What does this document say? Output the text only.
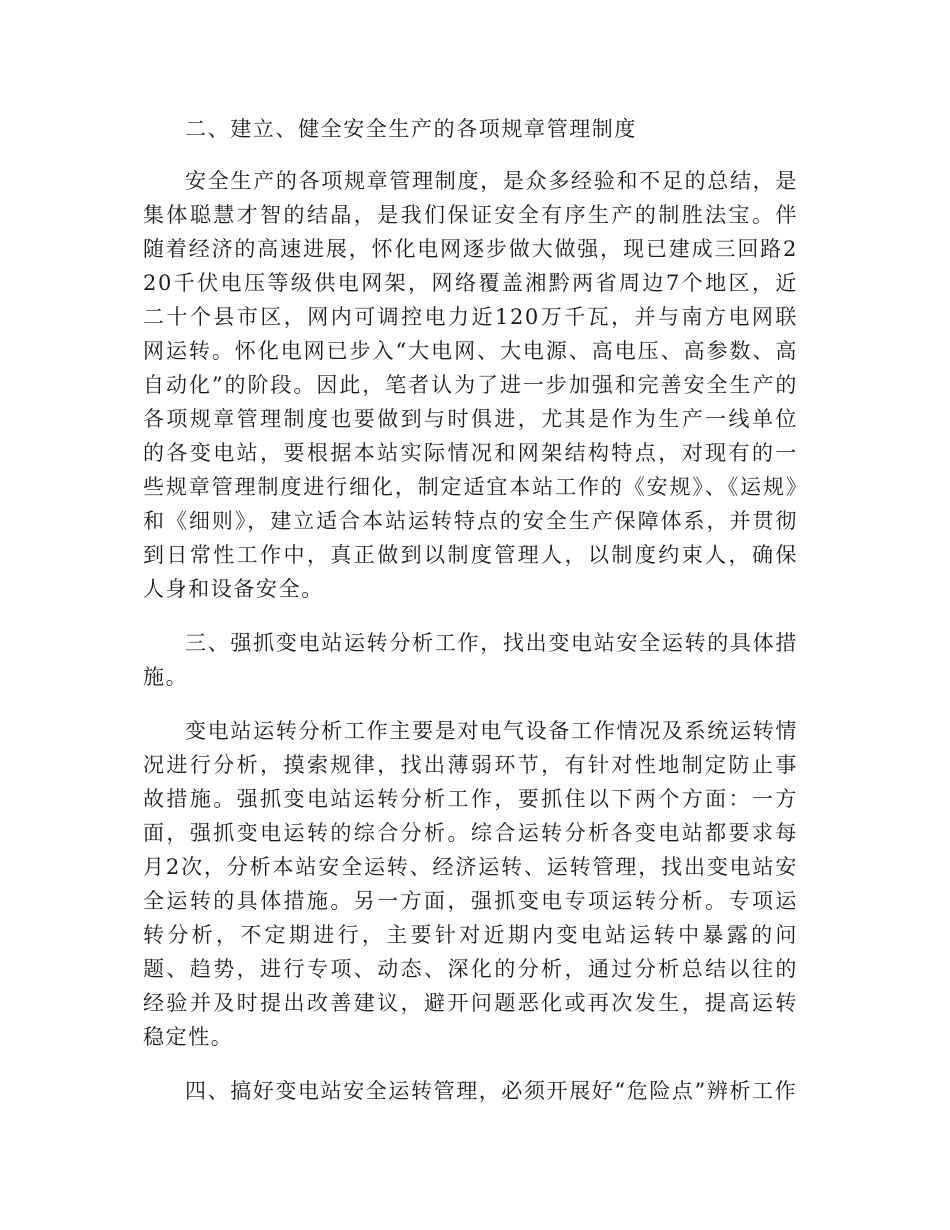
二、建立、健全安全生产的各项规章管理制度

安全生产的各项规章管理制度，是众多经验和不足的总结，是集体聪慧才智的结晶，是我们保证安全有序生产的制胜法宝。伴随着经济的高速进展，怀化电网逐步做大做强，现已建成三回路220千伏电压等级供电网架，网络覆盖湘黔两省周边7个地区，近二十个县市区，网内可调控电力近120万千瓦，并与南方电网联网运转。怀化电网已步入“大电网、大电源、高电压、高参数、高自动化”的阶段。因此，笔者认为了进一步加强和完善安全生产的各项规章管理制度也要做到与时俱进，尤其是作为生产一线单位的各变电站，要根据本站实际情况和网架结构特点，对现有的一些规章管理制度进行细化，制定适宜本站工作的《安规》、《运规》和《细则》，建立适合本站运转特点的安全生产保障体系，并贯彻到日常性工作中，真正做到以制度管理人，以制度约束人，确保人身和设备安全。

三、强抓变电站运转分析工作，找出变电站安全运转的具体措施。

变电站运转分析工作主要是对电气设备工作情况及系统运转情况进行分析，摸索规律，找出薄弱环节，有针对性地制定防止事故措施。强抓变电站运转分析工作，要抓住以下两个方面：一方面，强抓变电运转的综合分析。综合运转分析各变电站都要求每月2次，分析本站安全运转、经济运转、运转管理，找出变电站安全运转的具体措施。另一方面，强抓变电专项运转分析。专项运转分析，不定期进行，主要针对近期内变电站运转中暴露的问题、趋势，进行专项、动态、深化的分析，通过分析总结以往的经验并及时提出改善建议，避开问题恶化或再次发生，提高运转稳定性。

四、搞好变电站安全运转管理，必须开展好“危险点”辨析工作
